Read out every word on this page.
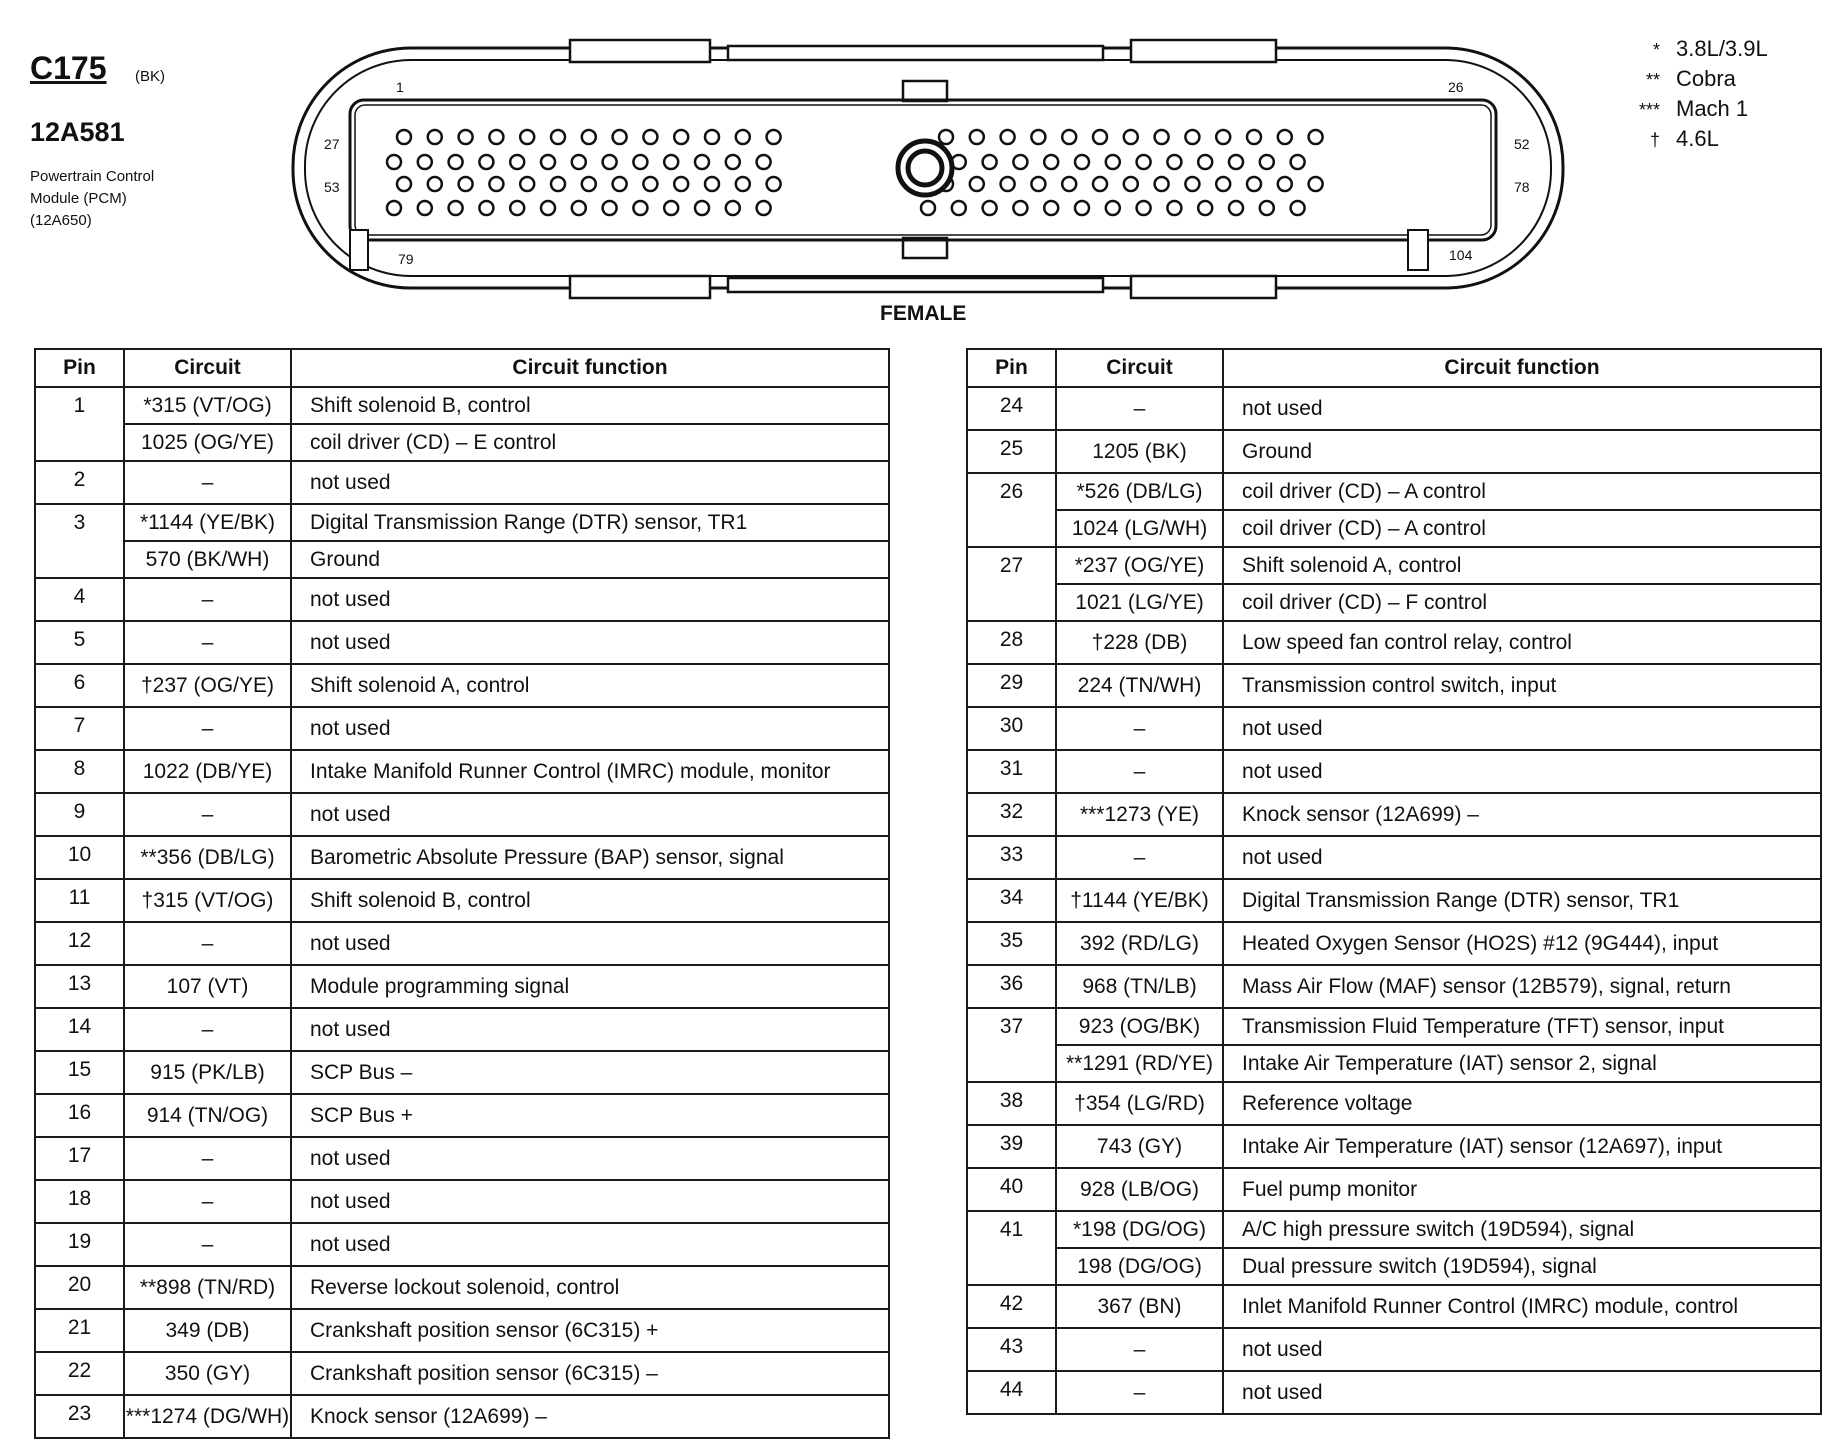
C175 (BK)
12A581
Powertrain Control
Module (PCM)
(12A650)
1	26
27	52
53	78
79	104
FEMALE
* 3.8L/3.9L
** Cobra
*** Mach 1
† 4.6L
Pin	Circuit	Circuit function
1	*315 (VT/OG)	Shift solenoid B, control
	1025 (OG/YE)	coil driver (CD) – E control
2	–	not used
3	*1144 (YE/BK)	Digital Transmission Range (DTR) sensor, TR1
	570 (BK/WH)	Ground
4	–	not used
5	–	not used
6	†237 (OG/YE)	Shift solenoid A, control
7	–	not used
8	1022 (DB/YE)	Intake Manifold Runner Control (IMRC) module, monitor
9	–	not used
10	**356 (DB/LG)	Barometric Absolute Pressure (BAP) sensor, signal
11	†315 (VT/OG)	Shift solenoid B, control
12	–	not used
13	107 (VT)	Module programming signal
14	–	not used
15	915 (PK/LB)	SCP Bus –
16	914 (TN/OG)	SCP Bus +
17	–	not used
18	–	not used
19	–	not used
20	**898 (TN/RD)	Reverse lockout solenoid, control
21	349 (DB)	Crankshaft position sensor (6C315) +
22	350 (GY)	Crankshaft position sensor (6C315) –
23	***1274 (DG/WH)	Knock sensor (12A699) –
Pin	Circuit	Circuit function
24	–	not used
25	1205 (BK)	Ground
26	*526 (DB/LG)	coil driver (CD) – A control
	1024 (LG/WH)	coil driver (CD) – A control
27	*237 (OG/YE)	Shift solenoid A, control
	1021 (LG/YE)	coil driver (CD) – F control
28	†228 (DB)	Low speed fan control relay, control
29	224 (TN/WH)	Transmission control switch, input
30	–	not used
31	–	not used
32	***1273 (YE)	Knock sensor (12A699) –
33	–	not used
34	†1144 (YE/BK)	Digital Transmission Range (DTR) sensor, TR1
35	392 (RD/LG)	Heated Oxygen Sensor (HO2S) #12 (9G444), input
36	968 (TN/LB)	Mass Air Flow (MAF) sensor (12B579), signal, return
37	923 (OG/BK)	Transmission Fluid Temperature (TFT) sensor, input
	**1291 (RD/YE)	Intake Air Temperature (IAT) sensor 2, signal
38	†354 (LG/RD)	Reference voltage
39	743 (GY)	Intake Air Temperature (IAT) sensor (12A697), input
40	928 (LB/OG)	Fuel pump monitor
41	*198 (DG/OG)	A/C high pressure switch (19D594), signal
	198 (DG/OG)	Dual pressure switch (19D594), signal
42	367 (BN)	Inlet Manifold Runner Control (IMRC) module, control
43	–	not used
44	–	not used
